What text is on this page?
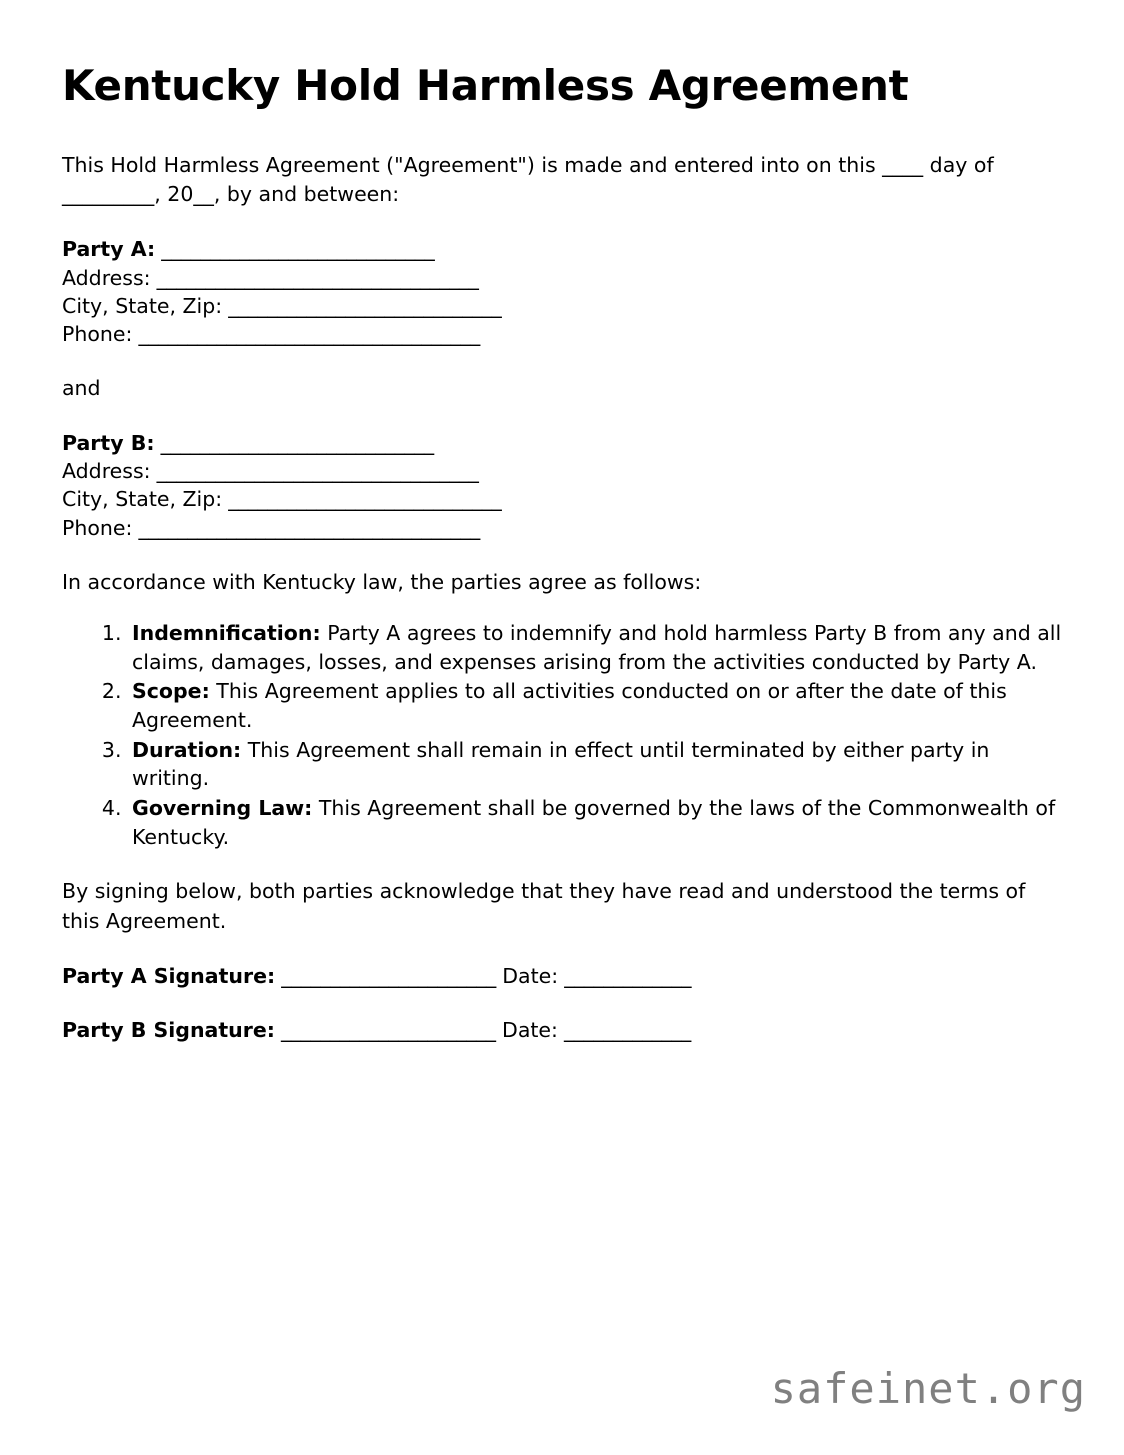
Kentucky Hold Harmless Agreement

This Hold Harmless Agreement ("Agreement") is made and entered into on this ____ day of _________, 20__, by and between:

Party A: ____________________________
Address: _________________________________
City, State, Zip: ____________________________
Phone: ___________________________________
and
Party B: ____________________________
Address: _________________________________
City, State, Zip: ____________________________
Phone: ___________________________________

In accordance with Kentucky law, the parties agree as follows:

1. Indemnification: Party A agrees to indemnify and hold harmless Party B from any and all claims, damages, losses, and expenses arising from the activities conducted by Party A.
2. Scope: This Agreement applies to all activities conducted on or after the date of this Agreement.
3. Duration: This Agreement shall remain in effect until terminated by either party in writing.
4. Governing Law: This Agreement shall be governed by the laws of the Commonwealth of Kentucky.

By signing below, both parties acknowledge that they have read and understood the terms of this Agreement.

Party A Signature: ______________________ Date: _____________
Party B Signature: ______________________ Date: _____________
safeinet.org
